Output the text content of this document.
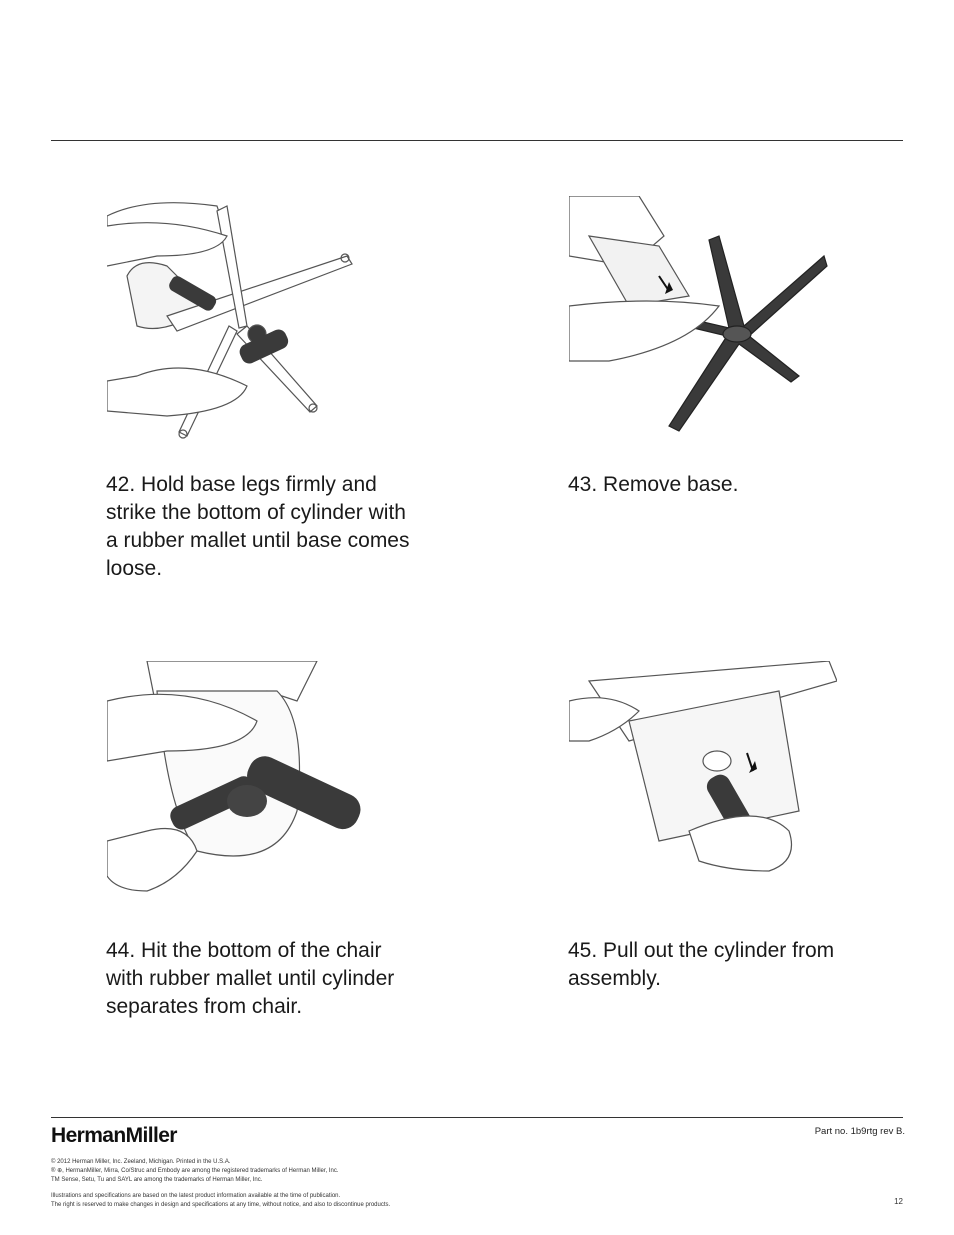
42. Hold base legs firmly and strike the bottom of cylinder with a rubber mallet until base comes loose.
43. Remove base.
44. Hit the bottom of the chair with rubber mallet until cylinder separates from chair.
45. Pull out the cylinder from assembly.
HermanMiller	Part no. 1b9rtg rev B.
© 2012 Herman Miller, Inc. Zeeland, Michigan. Printed in the U.S.A.
® ⊕, HermanMiller, Mirra, Co/Struc and Embody are among the registered trademarks of Herman Miller, Inc.
TM Sense, Setu, Tu and SAYL are among the trademarks of Herman Miller, Inc.
Illustrations and specifications are based on the latest product information available at the time of publication.
The right is reserved to make changes in design and specifications at any time, without notice, and also to discontinue products.	12
